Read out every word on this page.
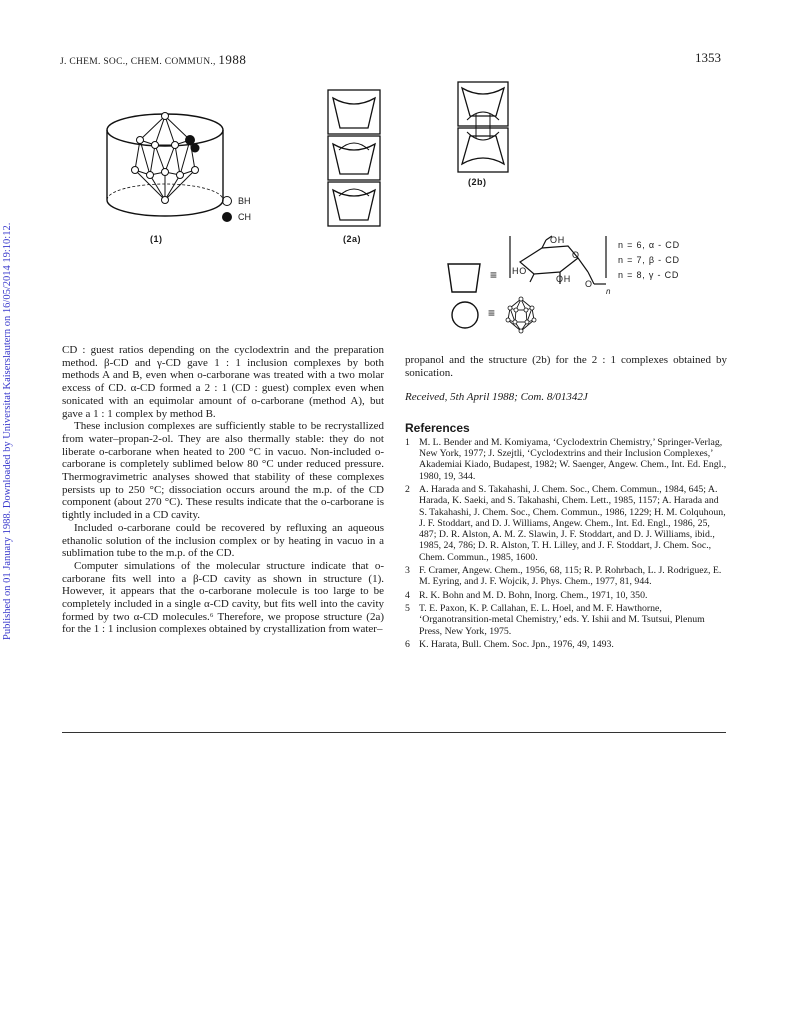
Published on 01 January 1988. Downloaded by Universitat Kaiserslautern on 16/05/2014 19:10:12.
J. CHEM. SOC., CHEM. COMMUN., 1988	1353
(1)
BH
CH
(2a)
(2b)
≡
OH
O
HO
OH O
n
n = 6, α - CD
n = 7, β - CD
n = 8, γ - CD
≡

CD : guest ratios depending on the cyclodextrin and the preparation method. β-CD and γ-CD gave 1 : 1 inclusion complexes by both methods A and B, even when o-carborane was treated with a two molar excess of CD. α-CD formed a 2 : 1 (CD : guest) complex even when sonicated with an equimolar amount of o-carborane (method A), but gave a 1 : 1 complex by method B.

These inclusion complexes are sufficiently stable to be recrystallized from water–propan-2-ol. They are also thermally stable: they do not liberate o-carborane when heated to 200 °C in vacuo. Non-included o-carborane is completely sublimed below 80 °C under reduced pressure. Thermogravimetric analyses showed that stability of these complexes persists up to 250 °C; dissociation occurs around the m.p. of the CD component (about 270 °C). These results indicate that the o-carborane is tightly included in a CD cavity.

Included o-carborane could be recovered by refluxing an aqueous ethanolic solution of the inclusion complex or by heating in vacuo in a sublimation tube to the m.p. of the CD.

Computer simulations of the molecular structure indicate that o-carborane fits well into a β-CD cavity as shown in structure (1). However, it appears that the o-carborane molecule is too large to be completely included in a single α-CD cavity, but fits well into the cavity formed by two α-CD molecules.⁶ Therefore, we propose structure (2a) for the 1 : 1 inclusion complexes obtained by crystallization from water–

propanol and the structure (2b) for the 2 : 1 complexes obtained by sonication.

Received, 5th April 1988; Com. 8/01342J

References
1 M. L. Bender and M. Komiyama, ‘Cyclodextrin Chemistry,’ Springer-Verlag, New York, 1977; J. Szejtli, ‘Cyclodextrins and their Inclusion Complexes,’ Akademiai Kiado, Budapest, 1982; W. Saenger, Angew. Chem., Int. Ed. Engl., 1980, 19, 344.
2 A. Harada and S. Takahashi, J. Chem. Soc., Chem. Commun., 1984, 645; A. Harada, K. Saeki, and S. Takahashi, Chem. Lett., 1985, 1157; A. Harada and S. Takahashi, J. Chem. Soc., Chem. Commun., 1986, 1229; H. M. Colquhoun, J. F. Stoddart, and D. J. Williams, Angew. Chem., Int. Ed. Engl., 1986, 25, 487; D. R. Alston, A. M. Z. Slawin, J. F. Stoddart, and D. J. Williams, ibid., 1985, 24, 786; D. R. Alston, T. H. Lilley, and J. F. Stoddart, J. Chem. Soc., Chem. Commun., 1985, 1600.
3 F. Cramer, Angew. Chem., 1956, 68, 115; R. P. Rohrbach, L. J. Rodriguez, E. M. Eyring, and J. F. Wojcik, J. Phys. Chem., 1977, 81, 944.
4 R. K. Bohn and M. D. Bohn, Inorg. Chem., 1971, 10, 350.
5 T. E. Paxon, K. P. Callahan, E. L. Hoel, and M. F. Hawthorne, ‘Organotransition-metal Chemistry,’ eds. Y. Ishii and M. Tsutsui, Plenum Press, New York, 1975.
6 K. Harata, Bull. Chem. Soc. Jpn., 1976, 49, 1493.
